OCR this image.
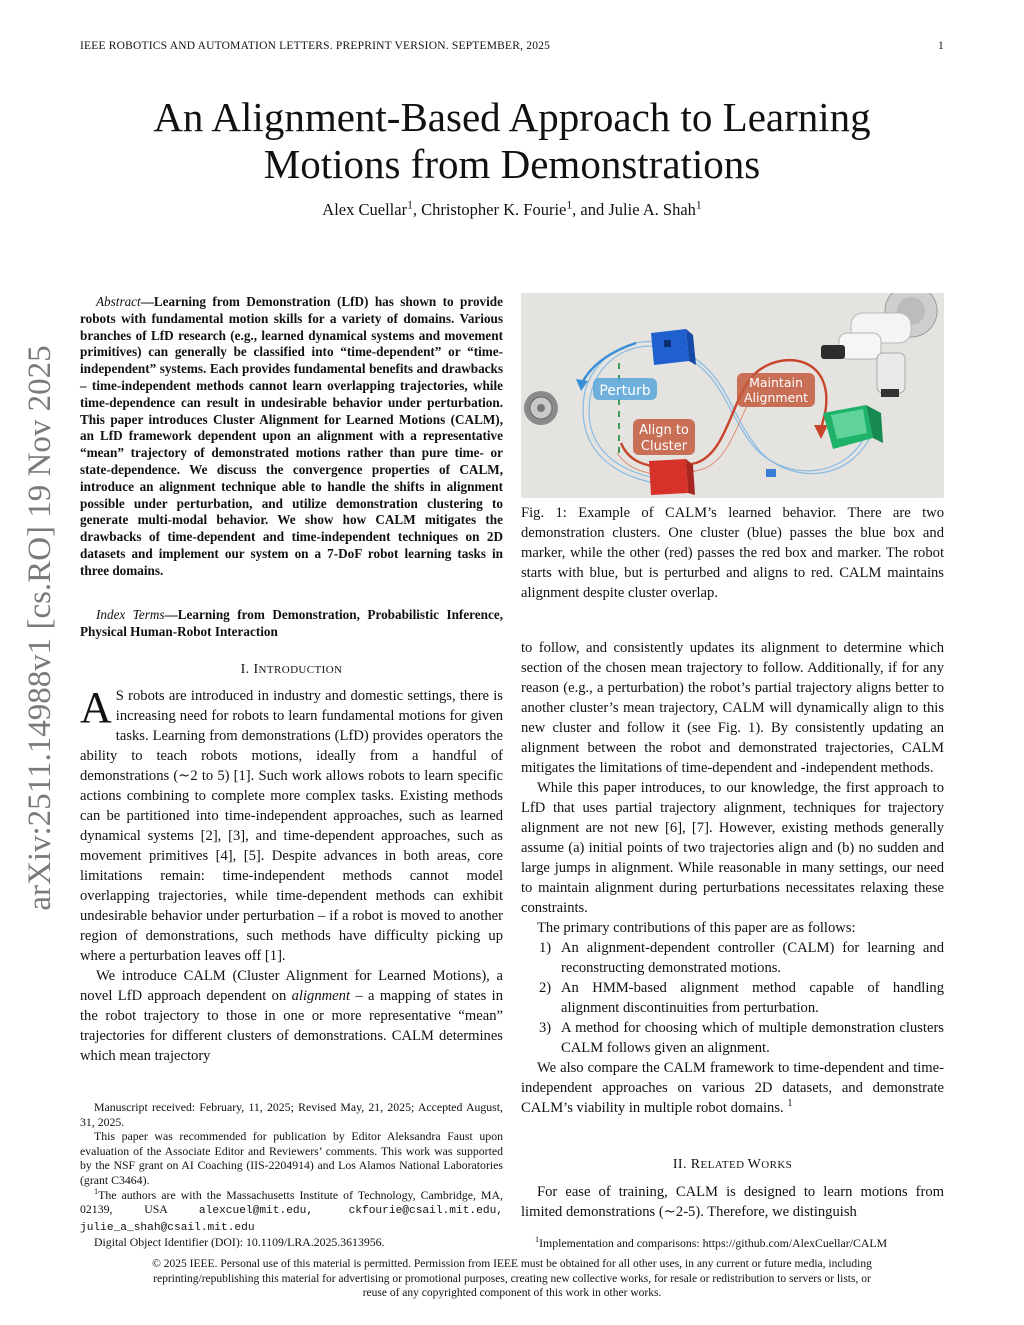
IEEE ROBOTICS AND AUTOMATION LETTERS. PREPRINT VERSION. SEPTEMBER, 2025	1
An Alignment-Based Approach to Learning Motions from Demonstrations
Alex Cuellar$^1$, Christopher K. Fourie$^1$, and Julie A. Shah$^1$
arXiv:2511.14988v1 [cs.RO] 19 Nov 2025
Abstract—Learning from Demonstration (LfD) has shown to provide robots with fundamental motion skills for a variety of domains. Various branches of LfD research (e.g., learned dynamical systems and movement primitives) can generally be classified into “time-dependent” or “time-independent” systems. Each provides fundamental benefits and drawbacks – time-independent methods cannot learn overlapping trajectories, while time-dependence can result in undesirable behavior under perturbation. This paper introduces Cluster Alignment for Learned Motions (CALM), an LfD framework dependent upon an alignment with a representative “mean” trajectory of demonstrated motions rather than pure time- or state-dependence. We discuss the convergence properties of CALM, introduce an alignment technique able to handle the shifts in alignment possible under perturbation, and utilize demonstration clustering to generate multi-modal behavior. We show how CALM mitigates the drawbacks of time-dependent and time-independent techniques on 2D datasets and implement our system on a 7-DoF robot learning tasks in three domains.
Index Terms—Learning from Demonstration, Probabilistic Inference, Physical Human-Robot Interaction
I. INTRODUCTION

A S robots are introduced in industry and domestic settings, there is increasing need for robots to learn fundamental motions for given tasks. Learning from demonstrations (LfD) provides operators the ability to teach robots motions, ideally from a handful of demonstrations (∼2 to 5) [1]. Such work allows robots to learn specific actions combining to complete more complex tasks. Existing methods can be partitioned into time-independent approaches, such as learned dynamical systems [2], [3], and time-dependent approaches, such as movement primitives [4], [5]. Despite advances in both areas, core limitations remain: time-independent methods cannot model overlapping trajectories, while time-dependent methods can exhibit undesirable behavior under perturbation – if a robot is moved to another region of demonstrations, such methods have difficulty picking up where a perturbation leaves off [1].

We introduce CALM (Cluster Alignment for Learned Motions), a novel LfD approach dependent on alignment – a mapping of states in the robot trajectory to those in one or more representative “mean” trajectories for different clusters of demonstrations. CALM determines which mean trajectory

Manuscript received: February, 11, 2025; Revised May, 21, 2025; Accepted August, 31, 2025.

This paper was recommended for publication by Editor Aleksandra Faust upon evaluation of the Associate Editor and Reviewers’ comments. This work was supported by the NSF grant on AI Coaching (IIS-2204914) and Los Alamos National Laboratories (grant C3464).

$^1$The authors are with the Massachusetts Institute of Technology, Cambridge, MA, 02139, USA alexcuel@mit.edu, ckfourie@csail.mit.edu, julie_a_shah@csail.mit.edu

Digital Object Identifier (DOI): 10.1109/LRA.2025.3613956.

Perturb
Align to
Cluster
Maintain
Alignment
Fig. 1: Example of CALM’s learned behavior. There are two demonstration clusters. One cluster (blue) passes the blue box and marker, while the other (red) passes the red box and marker. The robot starts with blue, but is perturbed and aligns to red. CALM maintains alignment despite cluster overlap.

to follow, and consistently updates its alignment to determine which section of the chosen mean trajectory to follow. Additionally, if for any reason (e.g., a perturbation) the robot’s partial trajectory aligns better to another cluster’s mean trajectory, CALM will dynamically align to this new cluster and follow it (see Fig. 1). By consistently updating an alignment between the robot and demonstrated trajectories, CALM mitigates the limitations of time-dependent and -independent methods.

While this paper introduces, to our knowledge, the first approach to LfD that uses partial trajectory alignment, techniques for trajectory alignment are not new [6], [7]. However, existing methods generally assume (a) initial points of two trajectories align and (b) no sudden and large jumps in alignment. While reasonable in many settings, our need to maintain alignment during perturbations necessitates relaxing these constraints.

The primary contributions of this paper are as follows:

1) An alignment-dependent controller (CALM) for learning and reconstructing demonstrated motions.
2) An HMM-based alignment method capable of handling alignment discontinuities from perturbation.
3) A method for choosing which of multiple demonstration clusters CALM follows given an alignment.

We also compare the CALM framework to time-dependent and time-independent approaches on various 2D datasets, and demonstrate CALM’s viability in multiple robot domains. $^1$

II. RELATED WORKS

For ease of training, CALM is designed to learn motions from limited demonstrations (∼2-5). Therefore, we distinguish

$^1$Implementation and comparisons: https://github.com/AlexCuellar/CALM

© 2025 IEEE. Personal use of this material is permitted. Permission from IEEE must be obtained for all other uses, in any current or future media, including reprinting/republishing this material for advertising or promotional purposes, creating new collective works, for resale or redistribution to servers or lists, or reuse of any copyrighted component of this work in other works.
